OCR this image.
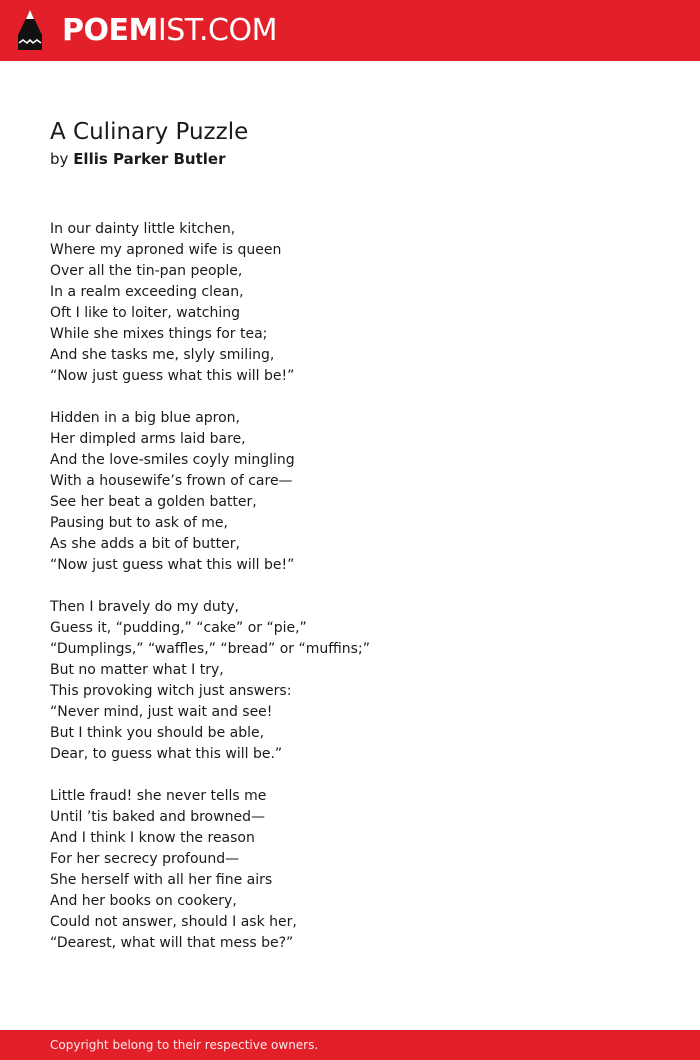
POEMIST.COM
A Culinary Puzzle
by Ellis Parker Butler
In our dainty little kitchen,
Where my aproned wife is queen
Over all the tin-pan people,
In a realm exceeding clean,
Oft I like to loiter, watching
While she mixes things for tea;
And she tasks me, slyly smiling,
“Now just guess what this will be!”
Hidden in a big blue apron,
Her dimpled arms laid bare,
And the love-smiles coyly mingling
With a housewife’s frown of care—
See her beat a golden batter,
Pausing but to ask of me,
As she adds a bit of butter,
“Now just guess what this will be!”
Then I bravely do my duty,
Guess it, “pudding,” “cake” or “pie,”
“Dumplings,” “waffles,” “bread” or “muffins;”
But no matter what I try,
This provoking witch just answers:
“Never mind, just wait and see!
But I think you should be able,
Dear, to guess what this will be.”
Little fraud! she never tells me
Until ’tis baked and browned—
And I think I know the reason
For her secrecy profound—
She herself with all her fine airs
And her books on cookery,
Could not answer, should I ask her,
“Dearest, what will that mess be?”
Copyright belong to their respective owners.
